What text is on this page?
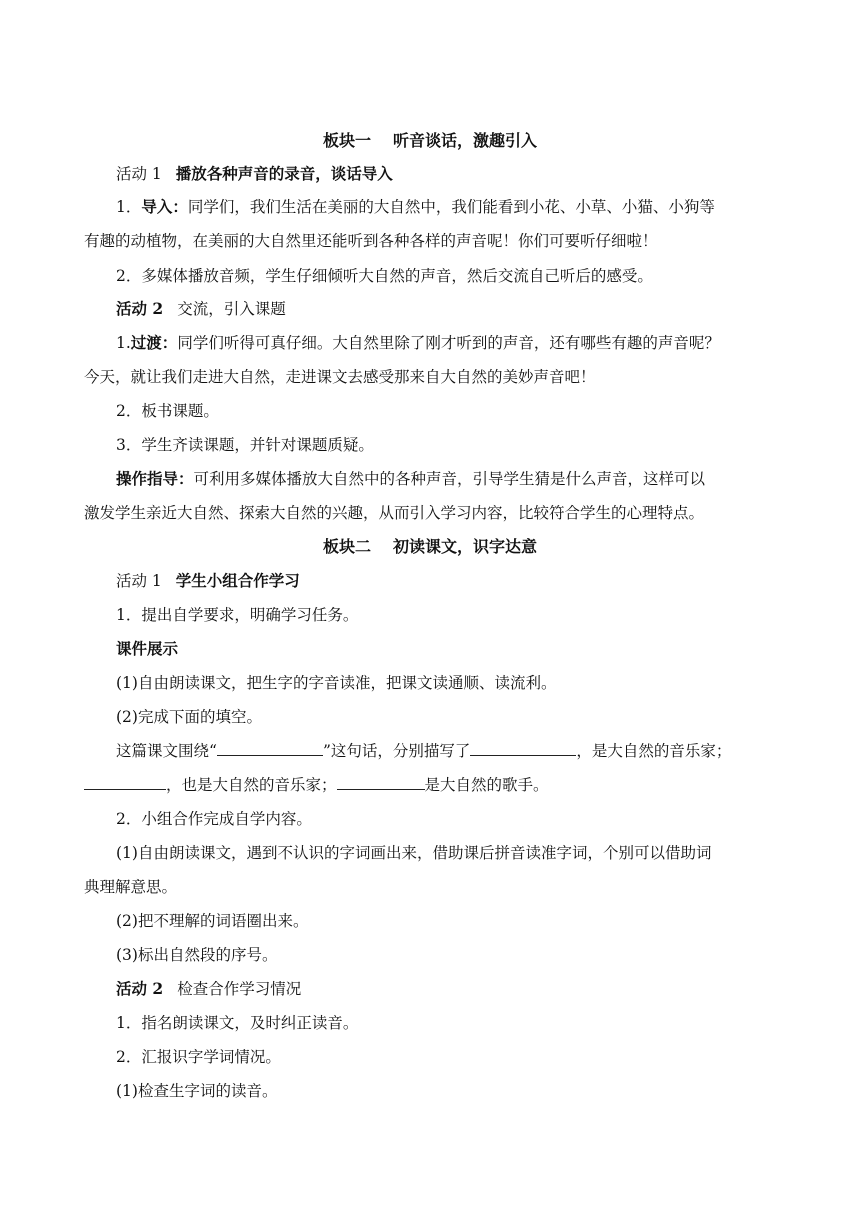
板块一 听音谈话，激趣引入
活动 1 播放各种声音的录音，谈话导入
1．导入：同学们，我们生活在美丽的大自然中，我们能看到小花、小草、小猫、小狗等
有趣的动植物，在美丽的大自然里还能听到各种各样的声音呢！你们可要听仔细啦！
2．多媒体播放音频，学生仔细倾听大自然的声音，然后交流自己听后的感受。
活动 2 交流，引入课题
1.过渡：同学们听得可真仔细。大自然里除了刚才听到的声音，还有哪些有趣的声音呢？
今天，就让我们走进大自然，走进课文去感受那来自大自然的美妙声音吧！
2．板书课题。
3．学生齐读课题，并针对课题质疑。
操作指导：可利用多媒体播放大自然中的各种声音，引导学生猜是什么声音，这样可以
激发学生亲近大自然、探索大自然的兴趣，从而引入学习内容，比较符合学生的心理特点。
板块二 初读课文，识字达意
活动 1 学生小组合作学习
1．提出自学要求，明确学习任务。
课件展示
(1)自由朗读课文，把生字的字音读准，把课文读通顺、读流利。
(2)完成下面的填空。
这篇课文围绕“	”这句话，分别描写了	，是大自然的音乐家；
，也是大自然的音乐家；	是大自然的歌手。
2．小组合作完成自学内容。
(1)自由朗读课文，遇到不认识的字词画出来，借助课后拼音读准字词，个别可以借助词
典理解意思。
(2)把不理解的词语圈出来。
(3)标出自然段的序号。
活动 2 检查合作学习情况
1．指名朗读课文，及时纠正读音。
2．汇报识字学词情况。
(1)检查生字词的读音。
